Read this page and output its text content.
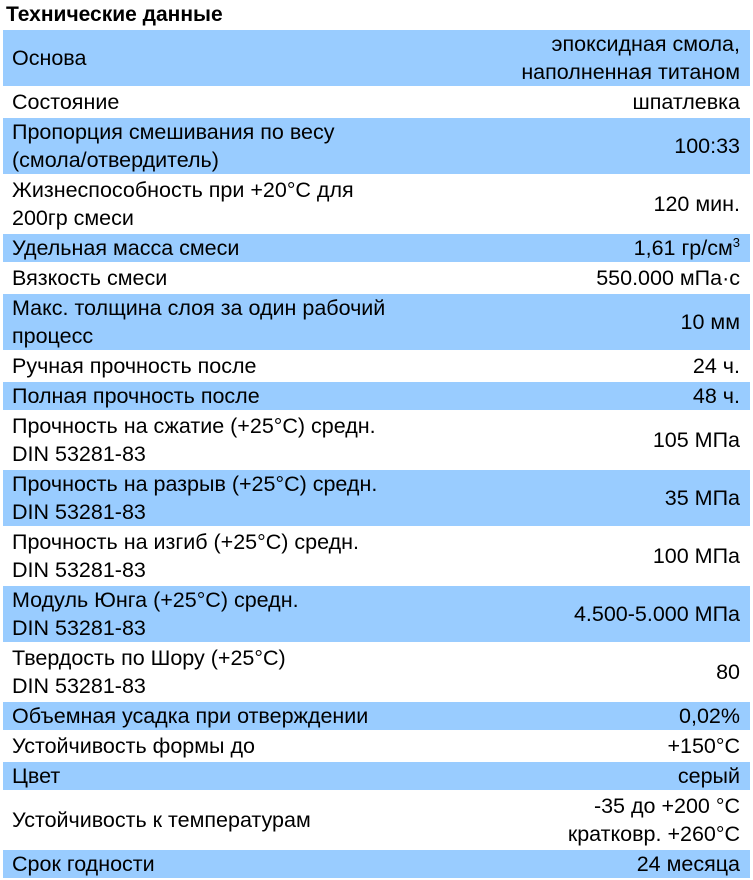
Технические данные
Основа	эпоксидная смола,
наполненная титаном

Состояние	шпатлевка

Пропорция смешивания по весу
(смола/отвердитель)	100:33

Жизнеспособность при +20°C для
200гр смеси	120 мин.

Удельная масса смеси	1,61 $гр/см^3$

Вязкость смеси	550.000 мПа·с

Макс. толщина слоя за один рабочий
процесс	10 мм

Ручная прочность после	24 ч.

Полная прочность после	48 ч.

Прочность на сжатие (+25°C) средн.
DIN 53281-83	105 МПа

Прочность на разрыв (+25°C) средн.
DIN 53281-83	35 МПа

Прочность на изгиб (+25°C) средн.
DIN 53281-83	100 МПа

Модуль Юнга (+25°C) средн.
DIN 53281-83	4.500-5.000 МПа

Твердость по Шору (+25°C)
DIN 53281-83	80

Объемная усадка при отверждении	0,02%

Устойчивость формы до	+150°C

Цвет	серый

Устойчивость к температурам	-35 до +200 °C
кратковр. +260°C

Срок годности	24 месяца
